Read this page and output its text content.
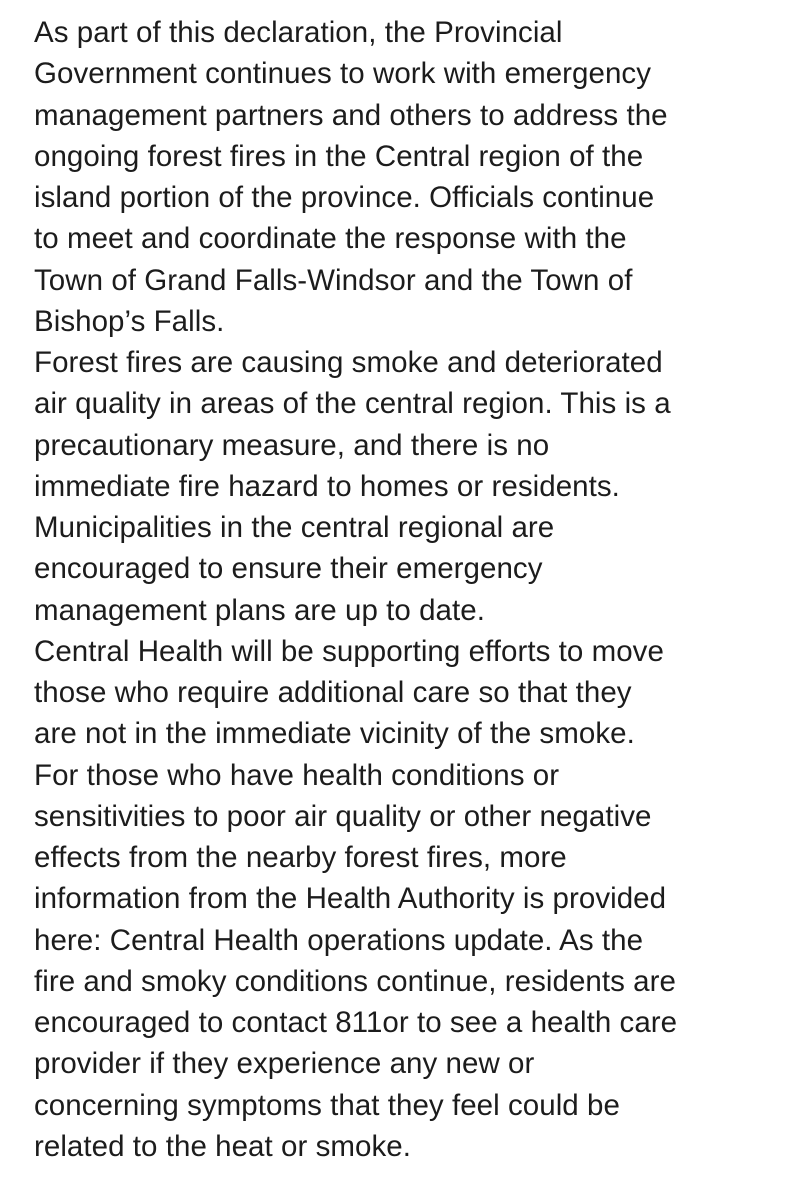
As part of this declaration, the Provincial
Government continues to work with emergency
management partners and others to address the
ongoing forest fires in the Central region of the
island portion of the province. Officials continue
to meet and coordinate the response with the
Town of Grand Falls-Windsor and the Town of
Bishop’s Falls.
Forest fires are causing smoke and deteriorated
air quality in areas of the central region. This is a
precautionary measure, and there is no
immediate fire hazard to homes or residents.
Municipalities in the central regional are
encouraged to ensure their emergency
management plans are up to date.
Central Health will be supporting efforts to move
those who require additional care so that they
are not in the immediate vicinity of the smoke.
For those who have health conditions or
sensitivities to poor air quality or other negative
effects from the nearby forest fires, more
information from the Health Authority is provided
here: Central Health operations update. As the
fire and smoky conditions continue, residents are
encouraged to contact 811or to see a health care
provider if they experience any new or
concerning symptoms that they feel could be
related to the heat or smoke.
